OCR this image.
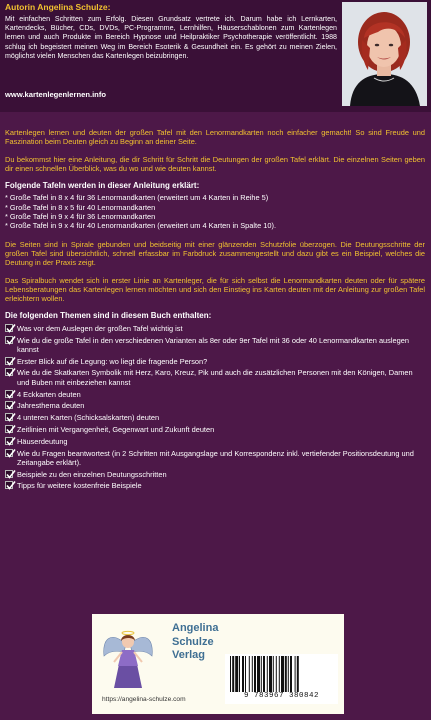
Autorin Angelina Schulze:
Mit einfachen Schritten zum Erfolg. Diesen Grundsatz vertrete ich. Darum habe ich Lernkarten, Kartendecks, Bücher, CDs, DVDs, PC-Programme, Lernhilfen, Häuserschablonen zum Kartenlegen lernen und auch Produkte im Bereich Hypnose und Heilpraktiker Psychotherapie veröffentlicht. 1988 schlug ich begeistert meinen Weg im Bereich Esoterik & Gesundheit ein. Es gehört zu meinen Zielen, möglichst vielen Menschen das Kartenlegen beizubringen.
www.kartenlegenlernen.info

Kartenlegen lernen und deuten der großen Tafel mit den Lenormandkarten noch einfacher gemacht! So sind Freude und Faszination beim Deuten gleich zu Beginn an deiner Seite.

Du bekommst hier eine Anleitung, die dir Schritt für Schritt die Deutungen der großen Tafel erklärt. Die einzelnen Seiten geben dir einen schnellen Überblick, was du wo und wie deuten kannst.

Folgende Tafeln werden in dieser Anleitung erklärt:
* Große Tafel in 8 x 4 für 36 Lenormandkarten (erweitert um 4 Karten in Reihe 5)
* Große Tafel in 8 x 5 für 40 Lenormandkarten
* Große Tafel in 9 x 4 für 36 Lenormandkarten
* Große Tafel in 9 x 4 für 40 Lenormandkarten (erweitert um 4 Karten in Spalte 10).

Die Seiten sind in Spirale gebunden und beidseitig mit einer glänzenden Schutzfolie überzogen. Die Deutungsschritte der großen Tafel sind übersichtlich, schnell erfassbar im Farbdruck zusammengestellt und dazu gibt es ein Beispiel, welches die Deutung in der Praxis zeigt.

Das Spiralbuch wendet sich in erster Linie an Kartenleger, die für sich selbst die Lenormandkarten deuten oder für spätere Lebensberatungen das Kartenlegen lernen möchten und sich den Einstieg ins Karten deuten mit der Anleitung zur großen Tafel erleichtern wollen.

Die folgenden Themen sind in diesem Buch enthalten:
Was vor dem Auslegen der großen Tafel wichtig ist
Wie du die große Tafel in den verschiedenen Varianten als 8er oder 9er Tafel mit 36 oder 40 Lenormandkarten auslegen kannst
Erster Blick auf die Legung: wo liegt die fragende Person?
Wie du die Skatkarten Symbolik mit Herz, Karo, Kreuz, Pik und auch die zusätzlichen Personen mit den Königen, Damen und Buben mit einbeziehen kannst
4 Eckkarten deuten
Jahresthema deuten
4 unteren Karten (Schicksalskarten) deuten
Zeitlinien mit Vergangenheit, Gegenwart und Zukunft deuten
Häuserdeutung
Wie du Fragen beantwortest (in 2 Schritten mit Ausgangslage und Korrespondenz inkl. vertiefender Positionsdeutung und Zeitangabe erklärt).
Beispiele zu den einzelnen Deutungsschritten
Tipps für weitere kostenfreie Beispiele
Angelina
Schulze
Verlag
https://angelina-schulze.com	9 783967 380842
